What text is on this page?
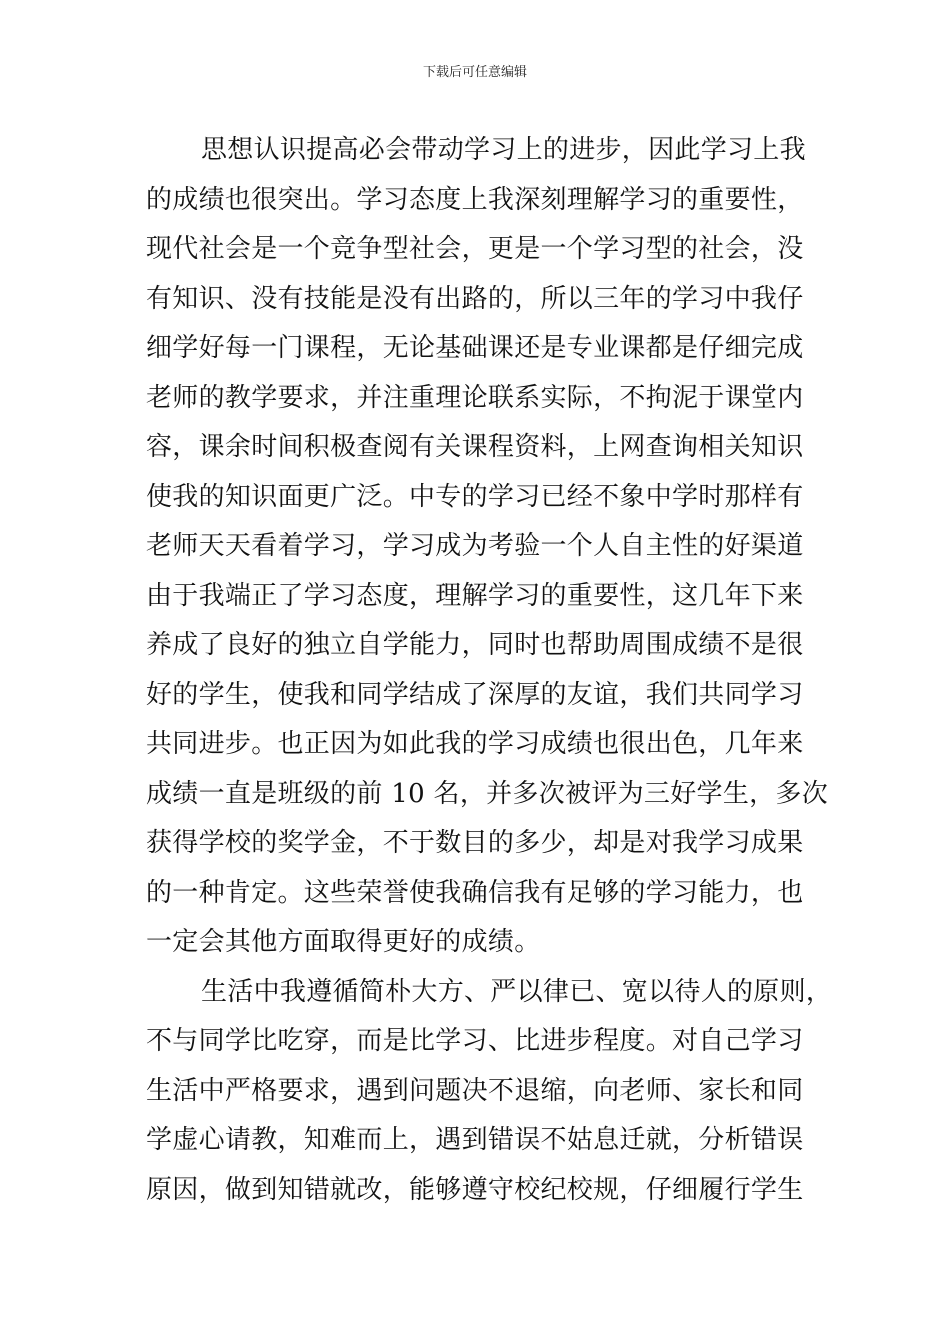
下载后可任意编辑
思想认识提高必会带动学习上的进步，因此学习上我
的成绩也很突出。学习态度上我深刻理解学习的重要性，
现代社会是一个竞争型社会，更是一个学习型的社会，没
有知识、没有技能是没有出路的，所以三年的学习中我仔
细学好每一门课程，无论基础课还是专业课都是仔细完成
老师的教学要求，并注重理论联系实际，不拘泥于课堂内
容，课余时间积极查阅有关课程资料，上网查询相关知识
使我的知识面更广泛。中专的学习已经不象中学时那样有
老师天天看着学习，学习成为考验一个人自主性的好渠道
由于我端正了学习态度，理解学习的重要性，这几年下来
养成了良好的独立自学能力，同时也帮助周围成绩不是很
好的学生，使我和同学结成了深厚的友谊，我们共同学习
共同进步。也正因为如此我的学习成绩也很出色，几年来
成绩一直是班级的前 10 名，并多次被评为三好学生，多次
获得学校的奖学金，不于数目的多少，却是对我学习成果
的一种肯定。这些荣誉使我确信我有足够的学习能力，也
一定会其他方面取得更好的成绩。
生活中我遵循简朴大方、严以律已、宽以待人的原则，
不与同学比吃穿，而是比学习、比进步程度。对自己学习
生活中严格要求，遇到问题决不退缩，向老师、家长和同
学虚心请教，知难而上，遇到错误不姑息迁就，分析错误
原因，做到知错就改，能够遵守校纪校规，仔细履行学生
